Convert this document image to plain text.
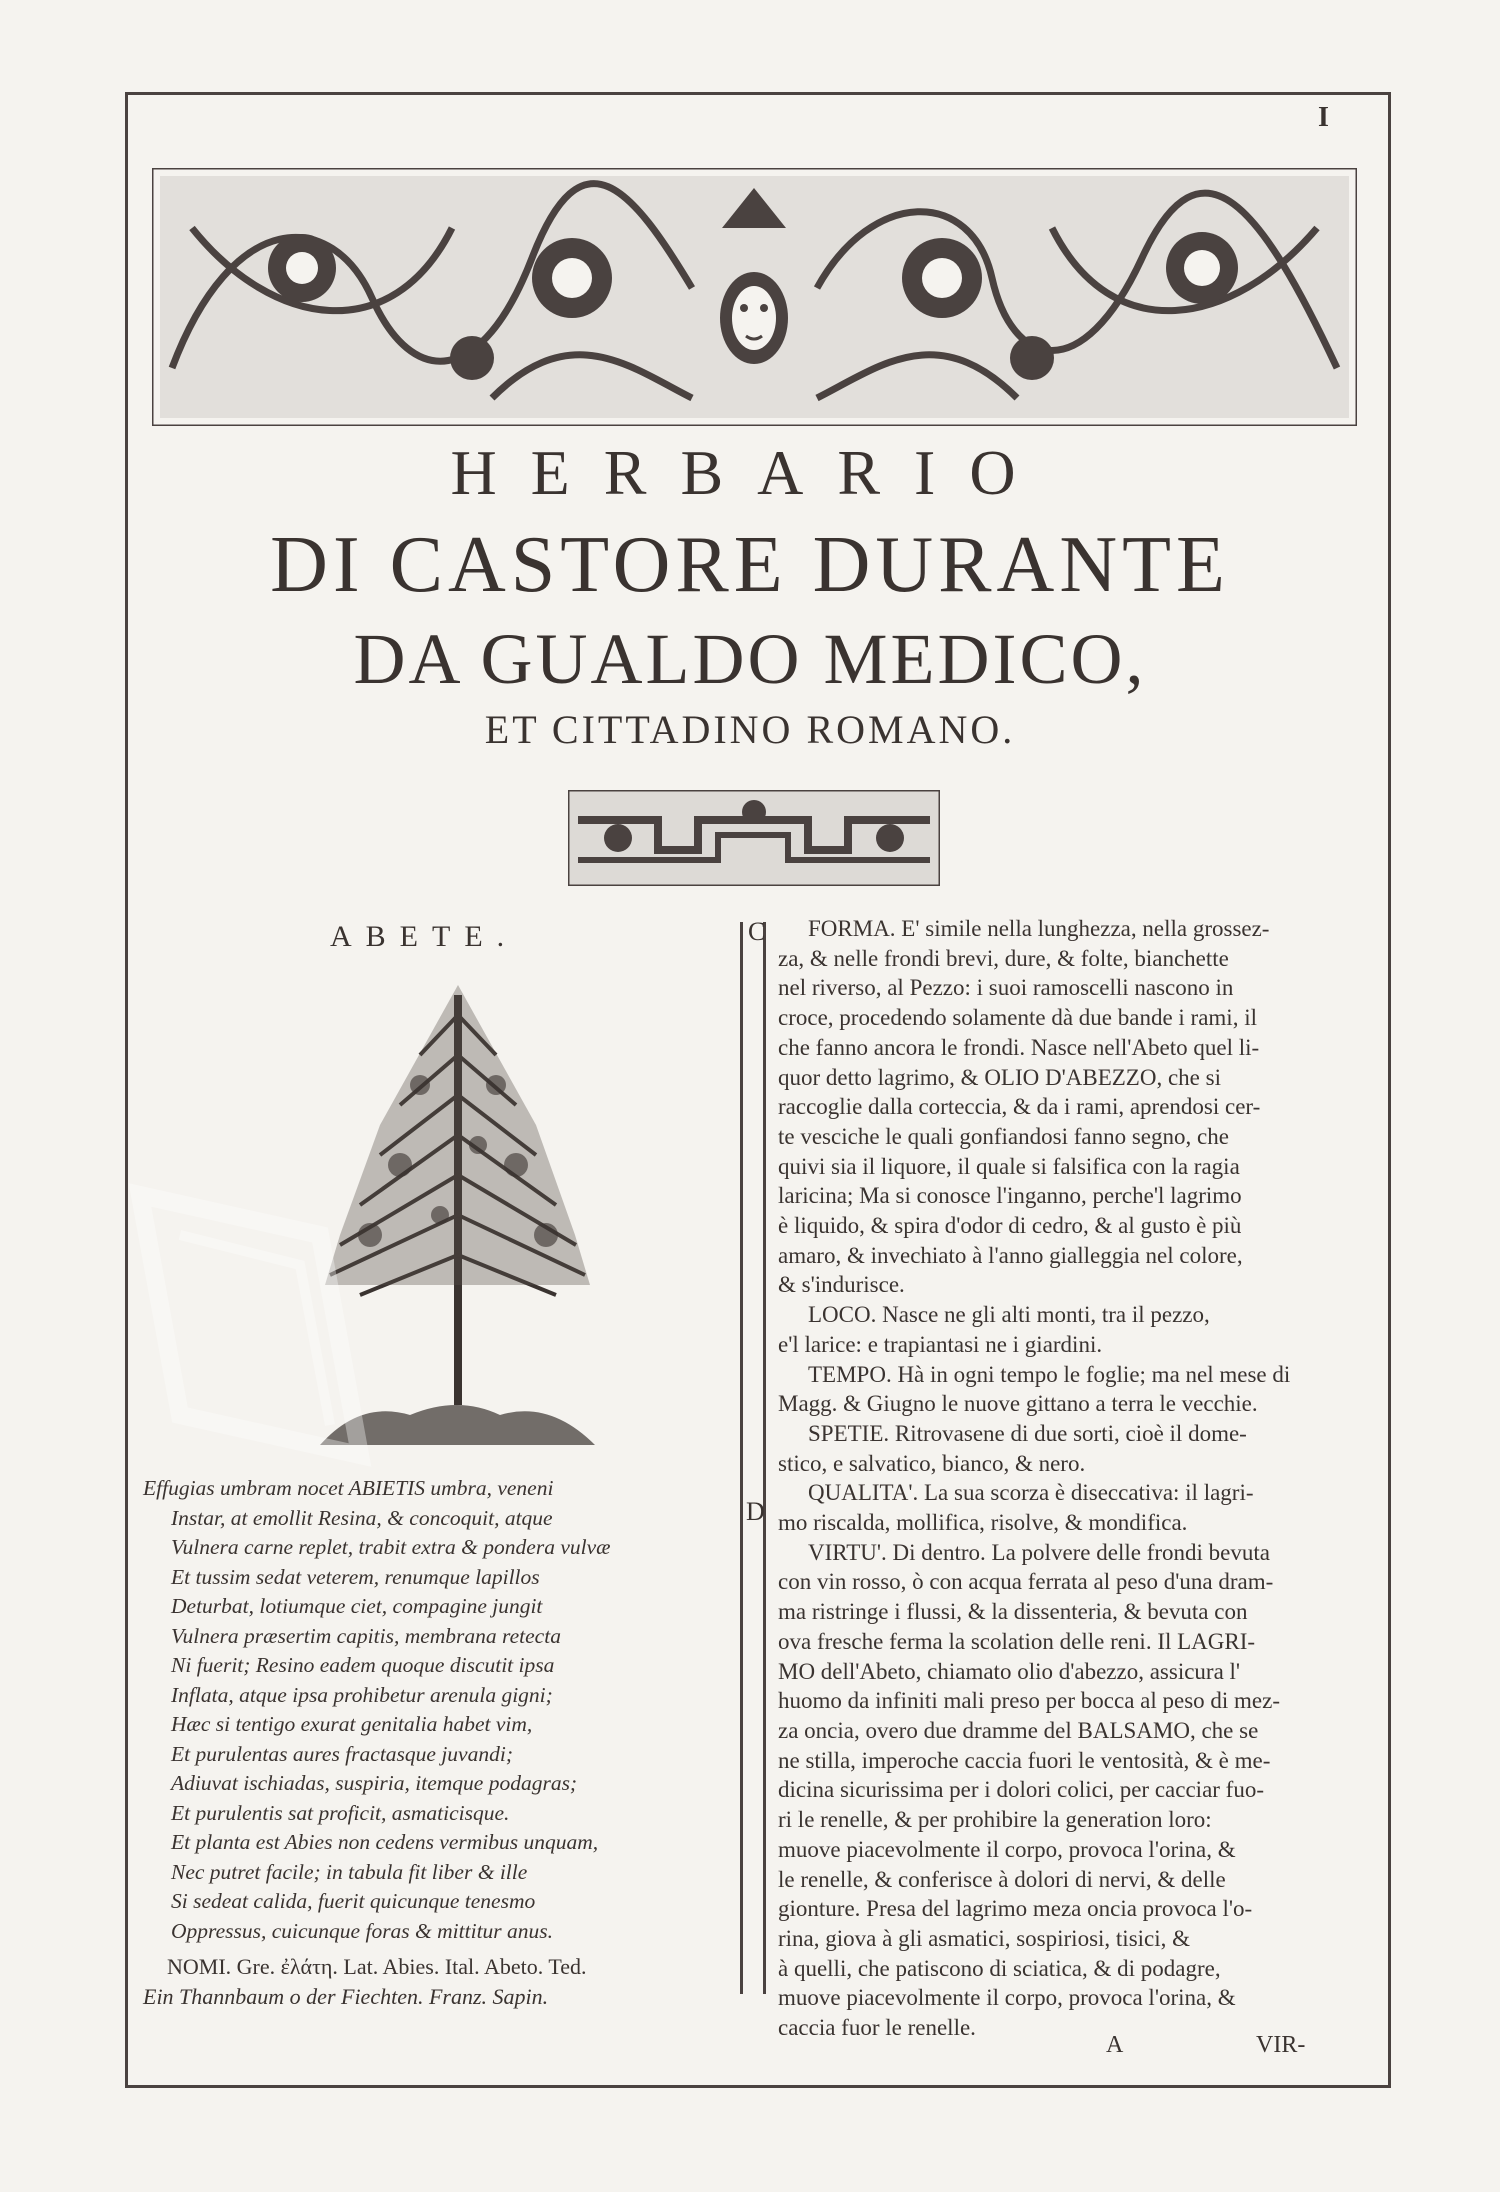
I
HERBARIO
DI CASTORE DURANTE
DA GUALDO MEDICO,
ET CITTADINO ROMANO.
ABETE.
Effugias umbram nocet ABIETIS umbra, veneni
Instar, at emollit Resina, & concoquit, atque
Vulnera carne replet, trabit extra & pondera vulvæ
Et tussim sedat veterem, renumque lapillos
Deturbat, lotiumque ciet, compagine jungit
Vulnera præsertim capitis, membrana retecta
Ni fuerit; Resino eadem quoque discutit ipsa
Inflata, atque ipsa prohibetur arenula gigni;
Hæc si tentigo exurat genitalia habet vim,
Et purulentas aures fractasque juvandi;
Adiuvat ischiadas, suspiria, itemque podagras;
Et purulentis sat proficit, asmaticisque.
Et planta est Abies non cedens vermibus unquam,
Nec putret facile; in tabula fit liber & ille
Si sedeat calida, fuerit quicunque tenesmo
Oppressus, cuicunque foras & mittitur anus.
NOMI. Gre. ἐλάτη. Lat. Abies. Ital. Abeto. Ted.
Ein Thannbaum o der Fiechten. Franz. Sapin.
C
D
FORMA. E' simile nella lunghezza, nella grossez-
za, & nelle frondi brevi, dure, & folte, bianchette
nel riverso, al Pezzo: i suoi ramoscelli nascono in
croce, procedendo solamente dà due bande i rami, il
che fanno ancora le frondi. Nasce nell'Abeto quel li-
quor detto lagrimo, & OLIO D'ABEZZO, che si
raccoglie dalla corteccia, & da i rami, aprendosi cer-
te vesciche le quali gonfiandosi fanno segno, che
quivi sia il liquore, il quale si falsifica con la ragia
laricina; Ma si conosce l'inganno, perche'l lagrimo
è liquido, & spira d'odor di cedro, & al gusto è più
amaro, & invechiato à l'anno gialleggia nel colore,
& s'indurisce.
LOCO. Nasce ne gli alti monti, tra il pezzo,
e'l larice: e trapiantasi ne i giardini.
TEMPO. Hà in ogni tempo le foglie; ma nel mese di
Magg. & Giugno le nuove gittano a terra le vecchie.
SPETIE. Ritrovasene di due sorti, cioè il dome-
stico, e salvatico, bianco, & nero.
QUALITA'. La sua scorza è diseccativa: il lagri-
mo riscalda, mollifica, risolve, & mondifica.
VIRTU'. Di dentro. La polvere delle frondi bevuta
con vin rosso, ò con acqua ferrata al peso d'una dram-
ma ristringe i flussi, & la dissenteria, & bevuta con
ova fresche ferma la scolation delle reni. Il LAGRI-
MO dell'Abeto, chiamato olio d'abezzo, assicura l'
huomo da infiniti mali preso per bocca al peso di mez-
za oncia, overo due dramme del BALSAMO, che se
ne stilla, imperoche caccia fuori le ventosità, & è me-
dicina sicurissima per i dolori colici, per cacciar fuo-
ri le renelle, & per prohibire la generation loro:
muove piacevolmente il corpo, provoca l'orina, &
le renelle, & conferisce à dolori di nervi, & delle
gionture. Presa del lagrimo meza oncia provoca l'o-
rina, giova à gli asmatici, sospiriosi, tisici, &
à quelli, che patiscono di sciatica, & di podagre,
muove piacevolmente il corpo, provoca l'orina, &
caccia fuor le renelle.
A	VIR-
